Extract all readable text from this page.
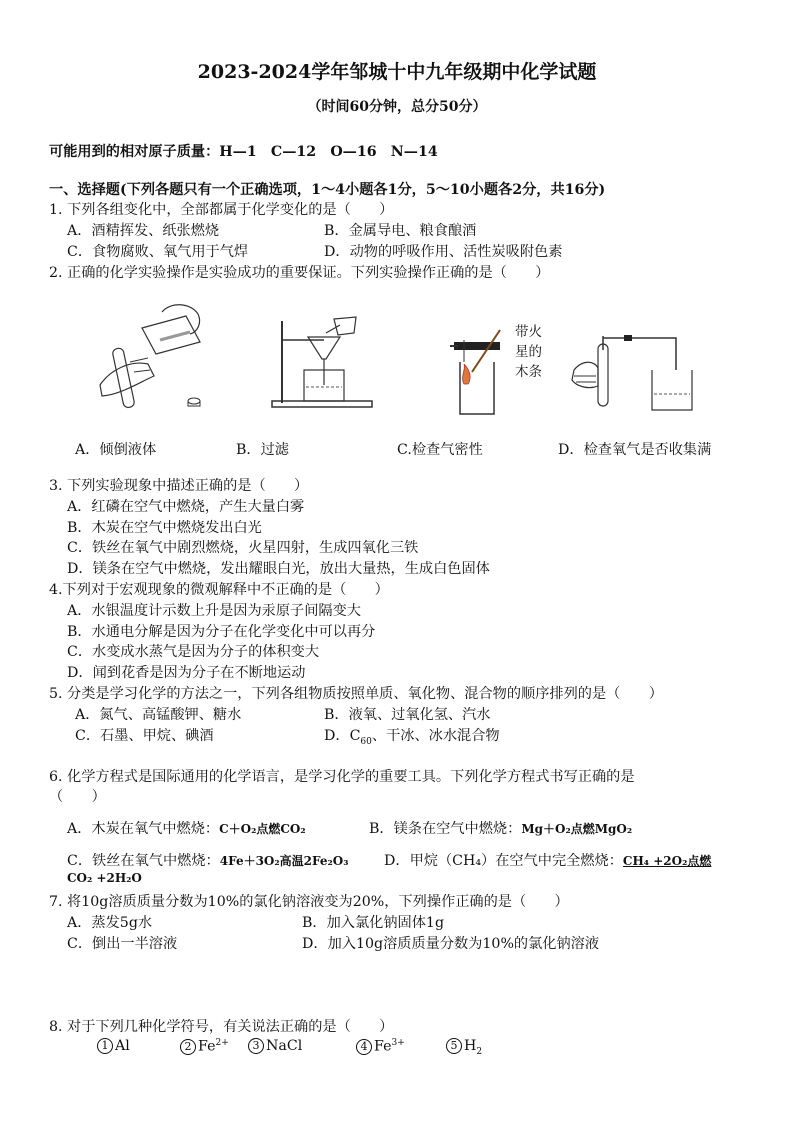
2023-2024学年邹城十中九年级期中化学试题
（时间60分钟，总分50分）
可能用到的相对原子质量：H—1　C—12　O—16　N—14
一、选择题(下列各题只有一个正确选项，1～4小题各1分，5～10小题各2分，共16分)
1. 下列各组变化中，全部都属于化学变化的是（　　）
A．酒精挥发、纸张燃烧	B．金属导电、粮食酿酒
C．食物腐败、氧气用于气焊	D．动物的呼吸作用、活性炭吸附色素
2. 正确的化学实验操作是实验成功的重要保证。下列实验操作正确的是（　　）
带火
星的
木条
A．倾倒液体	B．过滤	C.检查气密性	D．检查氧气是否收集满
3. 下列实验现象中描述正确的是（　　）
A．红磷在空气中燃烧，产生大量白雾
B．木炭在空气中燃烧发出白光
C．铁丝在氧气中剧烈燃烧，火星四射，生成四氧化三铁
D．镁条在空气中燃烧，发出耀眼白光，放出大量热，生成白色固体
4.下列对于宏观现象的微观解释中不正确的是（　　）
A．水银温度计示数上升是因为汞原子间隔变大
B．水通电分解是因为分子在化学变化中可以再分
C．水变成水蒸气是因为分子的体积变大
D．闻到花香是因为分子在不断地运动
5. 分类是学习化学的方法之一，下列各组物质按照单质、氧化物、混合物的顺序排列的是（　　）
A．氮气、高锰酸钾、糖水	B．液氧、过氧化氢、汽水
C．石墨、甲烷、碘酒	D．$C_{60}$、干冰、冰水混合物
6. 化学方程式是国际通用的化学语言，是学习化学的重要工具。下列化学方程式书写正确的是
（　　）
A．木炭在氧气中燃烧：C＋O₂点燃CO₂	B．镁条在空气中燃烧：Mg＋O₂点燃MgO₂
C．铁丝在氧气中燃烧：4Fe＋3O₂高温2Fe₂O₃	D．甲烷（CH₄）在空气中完全燃烧：CH₄ +2O₂点燃
CO₂ +2H₂O
7. 将10g溶质质量分数为10%的氯化钠溶液变为20%，下列操作正确的是（　　）
A．蒸发5g水	B．加入氯化钠固体1g
C．倒出一半溶液	D．加入10g溶质质量分数为10%的氯化钠溶液
8. 对于下列几种化学符号，有关说法正确的是（　　）
1 Al	2 $Fe^{2+}$	3 NaCl	4 $Fe^{3+}$	5 $H_2$
